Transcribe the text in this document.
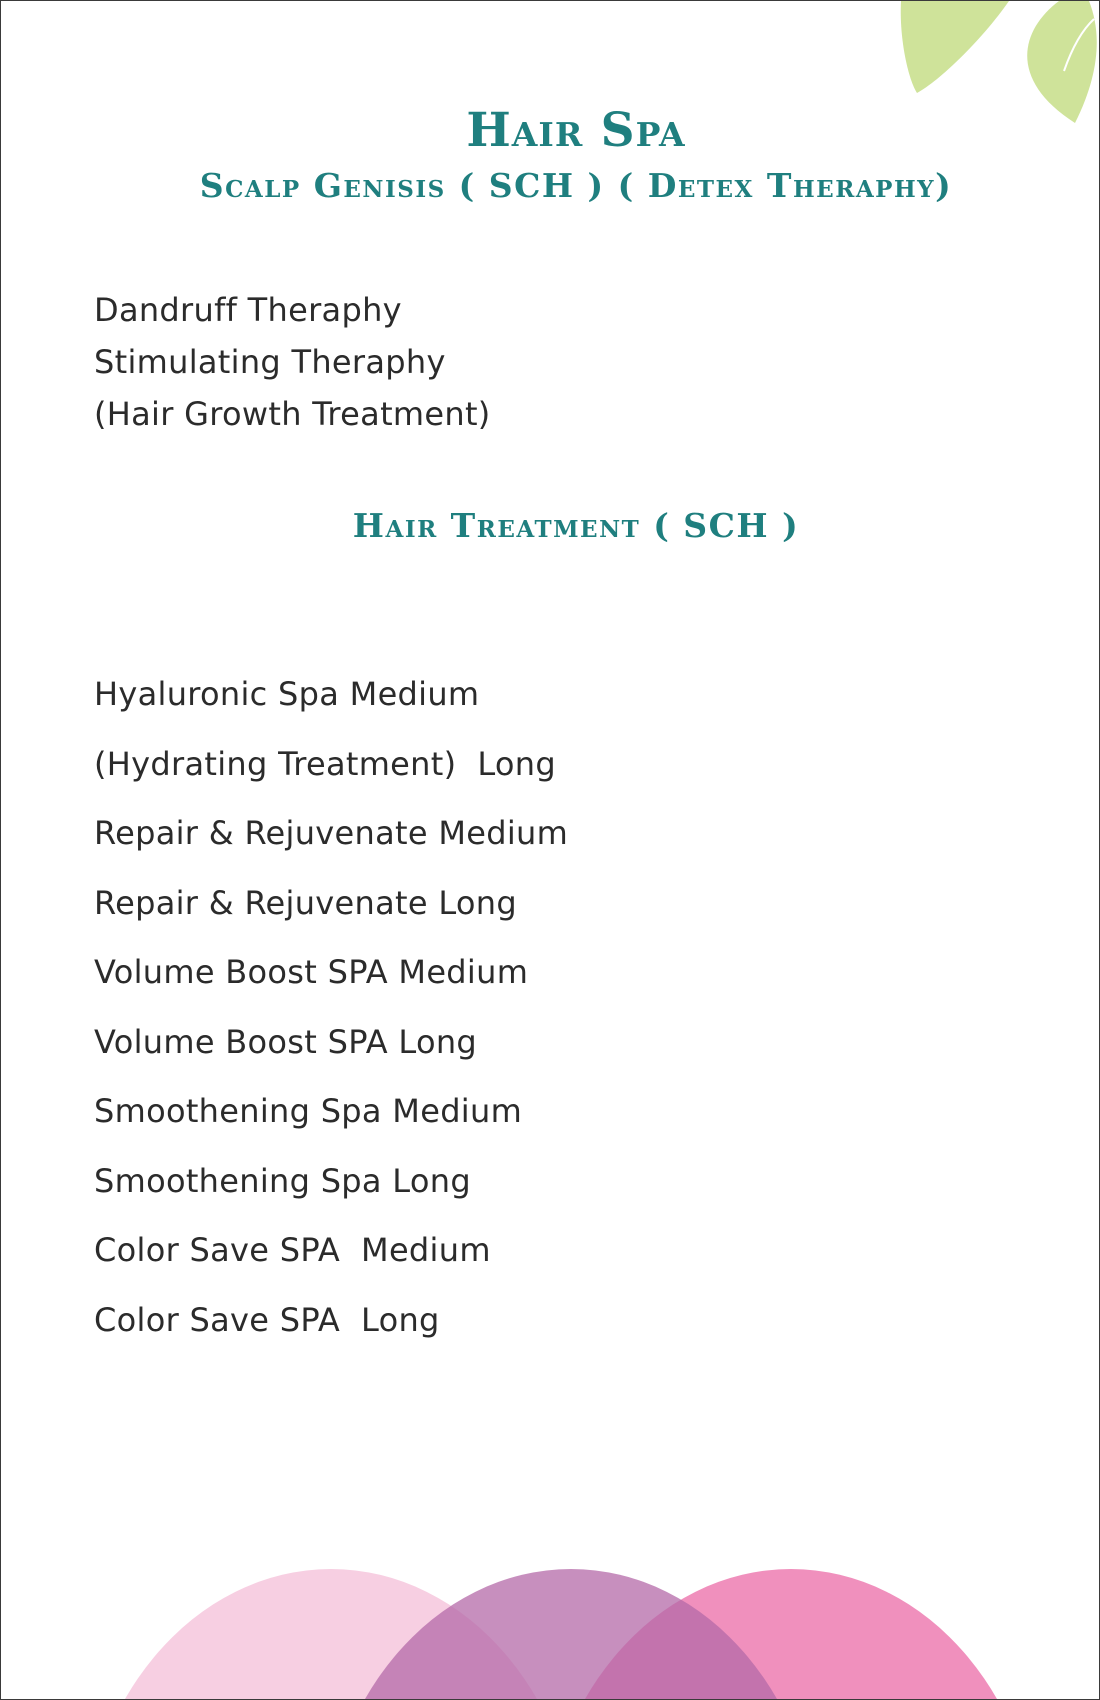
Hair Spa
Scalp Genisis ( SCH ) ( Detex Theraphy)
Dandruff Theraphy
Stimulating Theraphy
(Hair Growth Treatment)
Hair Treatment ( SCH )
Hyaluronic Spa Medium
(Hydrating Treatment)  Long
Repair & Rejuvenate Medium
Repair & Rejuvenate Long
Volume Boost SPA Medium
Volume Boost SPA Long
Smoothening Spa Medium
Smoothening Spa Long
Color Save SPA  Medium
Color Save SPA  Long
